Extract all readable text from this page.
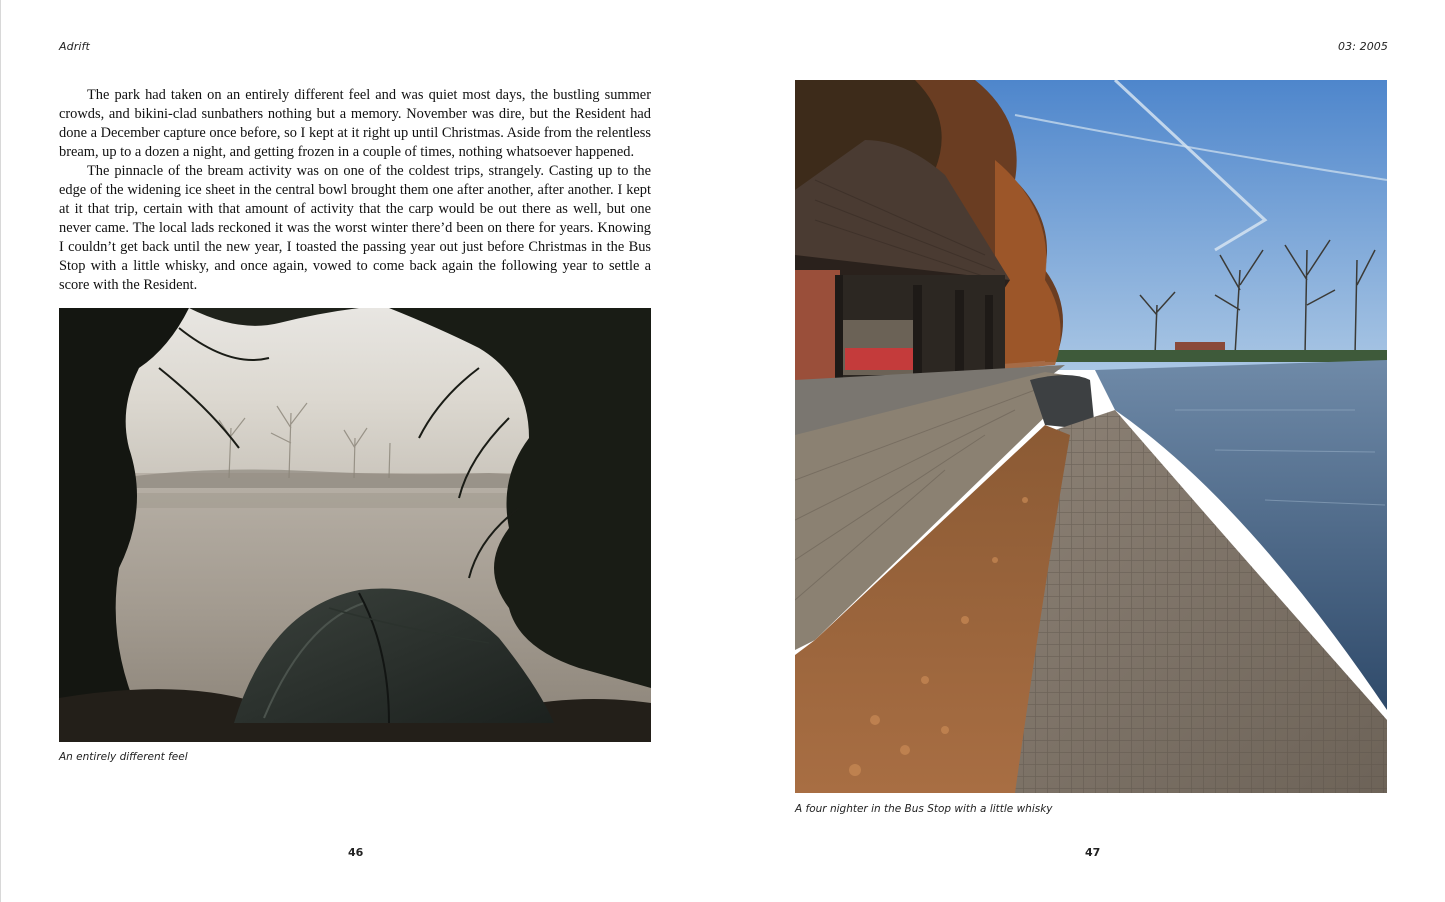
Adrift

The park had taken on an entirely different feel and was quiet most days, the bustling summer crowds, and bikini-clad sunbathers nothing but a memory. November was dire, but the Resident had done a December capture once before, so I kept at it right up until Christmas. Aside from the relentless bream, up to a dozen a night, and getting frozen in a couple of times, nothing whatsoever happened.

The pinnacle of the bream activity was on one of the coldest trips, strangely. Casting up to the edge of the widening ice sheet in the central bowl brought them one after another, after another. I kept at it that trip, certain with that amount of activity that the carp would be out there as well, but one never came. The local lads reckoned it was the worst winter there’d been on there for years. Knowing I couldn’t get back until the new year, I toasted the passing year out just before Christmas in the Bus Stop with a little whisky, and once again, vowed to come back again the following year to settle a score with the Resident.

An entirely different feel
46
03: 2005
A four nighter in the Bus Stop with a little whisky
47
